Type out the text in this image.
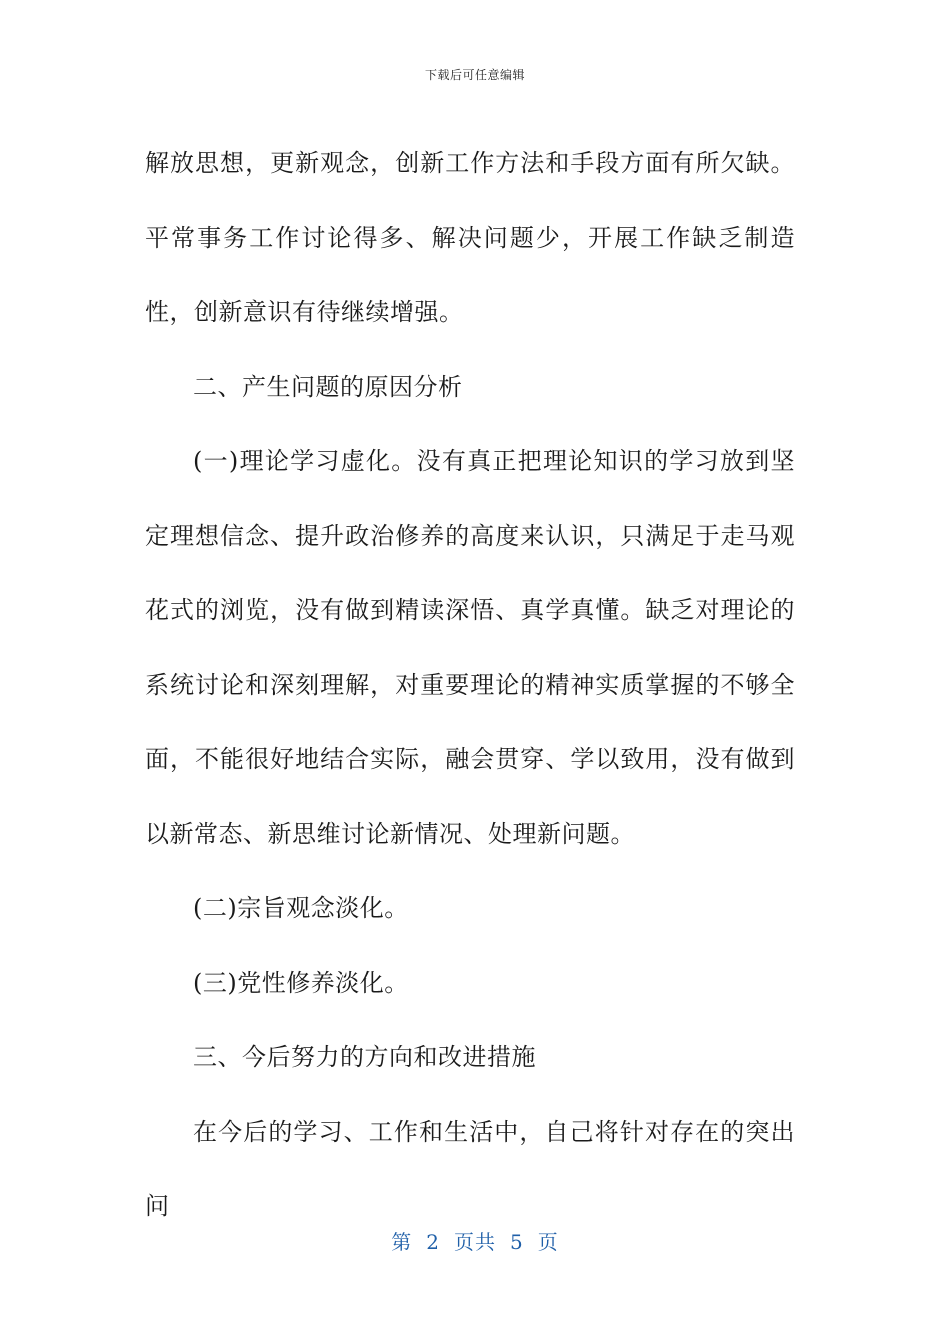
下载后可任意编辑

解放思想，更新观念，创新工作方法和手段方面有所欠缺。平常事务工作讨论得多、解决问题少，开展工作缺乏制造性，创新意识有待继续增强。

二、产生问题的原因分析

(一)理论学习虚化。没有真正把理论知识的学习放到坚定理想信念、提升政治修养的高度来认识，只满足于走马观花式的浏览，没有做到精读深悟、真学真懂。缺乏对理论的系统讨论和深刻理解，对重要理论的精神实质掌握的不够全面，不能很好地结合实际，融会贯穿、学以致用，没有做到以新常态、新思维讨论新情况、处理新问题。

(二)宗旨观念淡化。

(三)党性修养淡化。

三、今后努力的方向和改进措施

在今后的学习、工作和生活中，自己将针对存在的突出问

第 2 页共 5 页
